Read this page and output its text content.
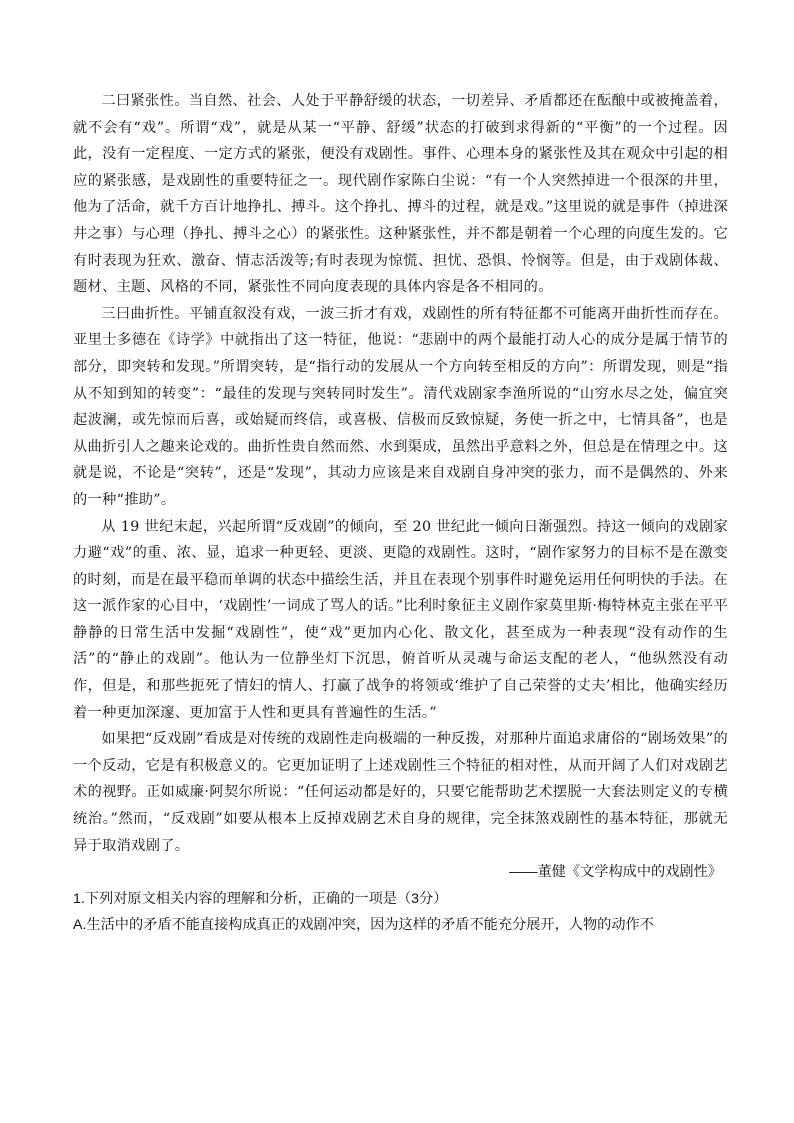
二曰紧张性。当自然、社会、人处于平静舒缓的状态，一切差异、矛盾都还在酝酿中或被掩盖着，就不会有“戏”。所谓“戏”，就是从某一“平静、舒缓”状态的打破到求得新的“平衡”的一个过程。因此，没有一定程度、一定方式的紧张，便没有戏剧性。事件、心理本身的紧张性及其在观众中引起的相应的紧张感，是戏剧性的重要特征之一。现代剧作家陈白尘说：“有一个人突然掉进一个很深的井里，他为了活命，就千方百计地挣扎、搏斗。这个挣扎、搏斗的过程，就是戏。”这里说的就是事件（掉进深井之事）与心理（挣扎、搏斗之心）的紧张性。这种紧张性，并不都是朝着一个心理的向度生发的。它有时表现为狂欢、激奋、情志活泼等;有时表现为惊慌、担忧、恐惧、怜悯等。但是，由于戏剧体裁、题材、主题、风格的不同，紧张性不同向度表现的具体内容是各不相同的。

三曰曲折性。平铺直叙没有戏，一波三折才有戏，戏剧性的所有特征都不可能离开曲折性而存在。亚里士多德在《诗学》中就指出了这一特征，他说：“悲剧中的两个最能打动人心的成分是属于情节的部分，即突转和发现。”所谓突转，是“指行动的发展从一个方向转至相反的方向”：所谓发现，则是“指从不知到知的转变”：“最佳的发现与突转同时发生”。清代戏剧家李渔所说的“山穷水尽之处，偏宜突起波澜，或先惊而后喜，或始疑而终信，或喜极、信极而反致惊疑，务使一折之中，七情具备”，也是从曲折引人之趣来论戏的。曲折性贵自然而然、水到渠成，虽然出乎意料之外，但总是在情理之中。这就是说，不论是“突转”，还是“发现”，其动力应该是来自戏剧自身冲突的张力，而不是偶然的、外来的一种“推助”。

从 19 世纪末起，兴起所谓“反戏剧”的倾向，至 20 世纪此一倾向日渐强烈。持这一倾向的戏剧家力避“戏”的重、浓、显，追求一种更轻、更淡、更隐的戏剧性。这时，“剧作家努力的目标不是在激变的时刻，而是在最平稳而单调的状态中描绘生活，并且在表现个别事件时避免运用任何明快的手法。在这一派作家的心目中，‘戏剧性’一词成了骂人的话。”比利时象征主义剧作家莫里斯·梅特林克主张在平平静静的日常生活中发掘“戏剧性”，使“戏”更加内心化、散文化，甚至成为一种表现“没有动作的生活”的“静止的戏剧”。他认为一位静坐灯下沉思，俯首听从灵魂与命运支配的老人，“他纵然没有动作，但是，和那些扼死了情妇的情人、打赢了战争的将领或‘维护了自己荣誉的丈夫’相比，他确实经历着一种更加深邃、更加富于人性和更具有普遍性的生活。”

如果把“反戏剧”看成是对传统的戏剧性走向极端的一种反拨，对那种片面追求庸俗的“剧场效果”的一个反动，它是有积极意义的。它更加证明了上述戏剧性三个特征的相对性，从而开阔了人们对戏剧艺术的视野。正如威廉·阿契尔所说：“任何运动都是好的，只要它能帮助艺术摆脱一大套法则定义的专横统治。”然而，“反戏剧”如要从根本上反掉戏剧艺术自身的规律，完全抹煞戏剧性的基本特征，那就无异于取消戏剧了。

——董健《文学构成中的戏剧性》

1.下列对原文相关内容的理解和分析，正确的一项是（3分）

A.生活中的矛盾不能直接构成真正的戏剧冲突，因为这样的矛盾不能充分展开，人物的动作不
